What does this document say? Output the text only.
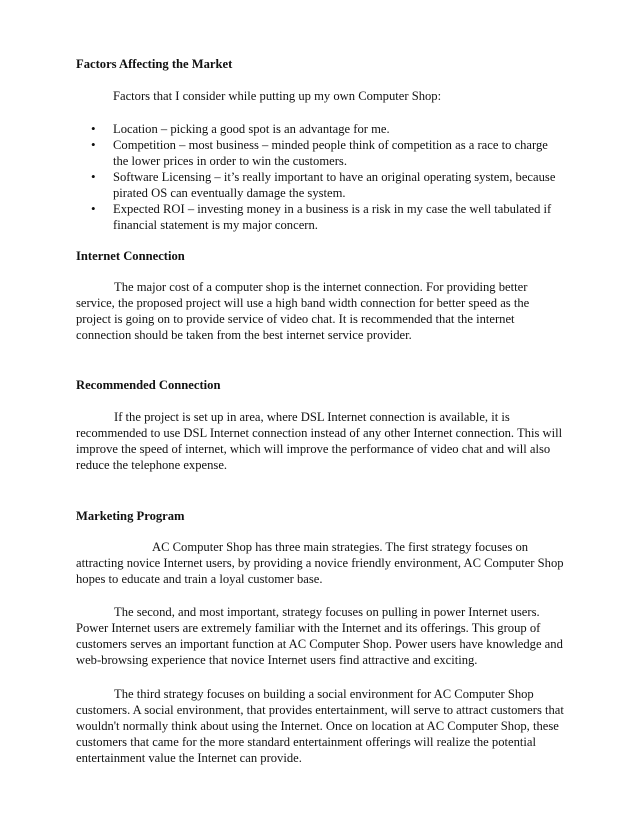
Factors Affecting the Market
Factors that I consider while putting up my own Computer Shop:
• Location – picking a good spot is an advantage for me.
• Competition – most business – minded people think of competition as a race to charge the lower prices in order to win the customers.
• Software Licensing – it’s really important to have an original operating system, because pirated OS can eventually damage the system.
• Expected ROI – investing money in a business is a risk in my case the well tabulated if financial statement is my major concern.
Internet Connection
The major cost of a computer shop is the internet connection. For providing better service, the proposed project will use a high band width connection for better speed as the project is going on to provide service of video chat. It is recommended that the internet connection should be taken from the best internet service provider.
Recommended Connection
If the project is set up in area, where DSL Internet connection is available, it is recommended to use DSL Internet connection instead of any other Internet connection. This will improve the speed of internet, which will improve the performance of video chat and will also reduce the telephone expense.
Marketing Program
AC Computer Shop has three main strategies. The first strategy focuses on attracting novice Internet users, by providing a novice friendly environment, AC Computer Shop hopes to educate and train a loyal customer base.
The second, and most important, strategy focuses on pulling in power Internet users. Power Internet users are extremely familiar with the Internet and its offerings. This group of customers serves an important function at AC Computer Shop. Power users have knowledge and web-browsing experience that novice Internet users find attractive and exciting.
The third strategy focuses on building a social environment for AC Computer Shop customers. A social environment, that provides entertainment, will serve to attract customers that wouldn't normally think about using the Internet. Once on location at AC Computer Shop, these customers that came for the more standard entertainment offerings will realize the potential entertainment value the Internet can provide.
